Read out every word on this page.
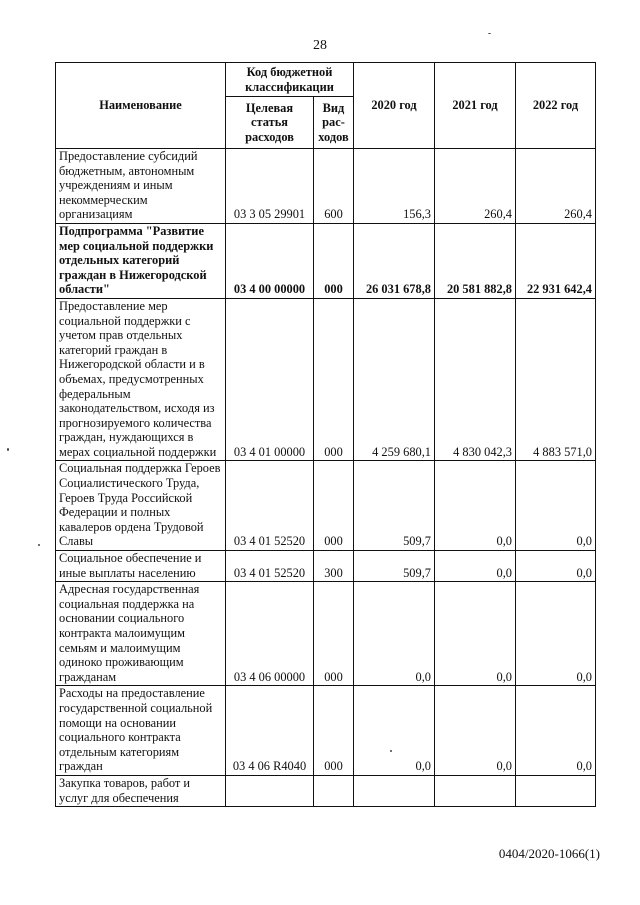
28
Наименование	Код бюджетной классификации		2020 год	2021 год	2022 год
	Целевая статья расходов	Вид рас-ходов			
Предоставление субсидий бюджетным, автономным учреждениям и иным некоммерческим организациям	03 3 05 29901	600	156,3	260,4	260,4
Подпрограмма "Развитие мер социальной поддержки отдельных категорий граждан в Нижегородской области"	03 4 00 00000	000	26 031 678,8	20 581 882,8	22 931 642,4
Предоставление мер социальной поддержки с учетом прав отдельных категорий граждан в Нижегородской области и в объемах, предусмотренных федеральным законодательством, исходя из прогнозируемого количества граждан, нуждающихся в мерах социальной поддержки	03 4 01 00000	000	4 259 680,1	4 830 042,3	4 883 571,0
Социальная поддержка Героев Социалистического Труда, Героев Труда Российской Федерации и полных кавалеров ордена Трудовой Славы	03 4 01 52520	000	509,7	0,0	0,0
Социальное обеспечение и иные выплаты населению	03 4 01 52520	300	509,7	0,0	0,0
Адресная государственная социальная поддержка на основании социального контракта малоимущим семьям и малоимущим одиноко проживающим гражданам	03 4 06 00000	000	0,0	0,0	0,0
Расходы на предоставление государственной социальной помощи на основании социального контракта отдельным категориям граждан	03 4 06 R4040	000	0,0	0,0	0,0
Закупка товаров, работ и услуг для обеспечения					
0404/2020-1066(1)
